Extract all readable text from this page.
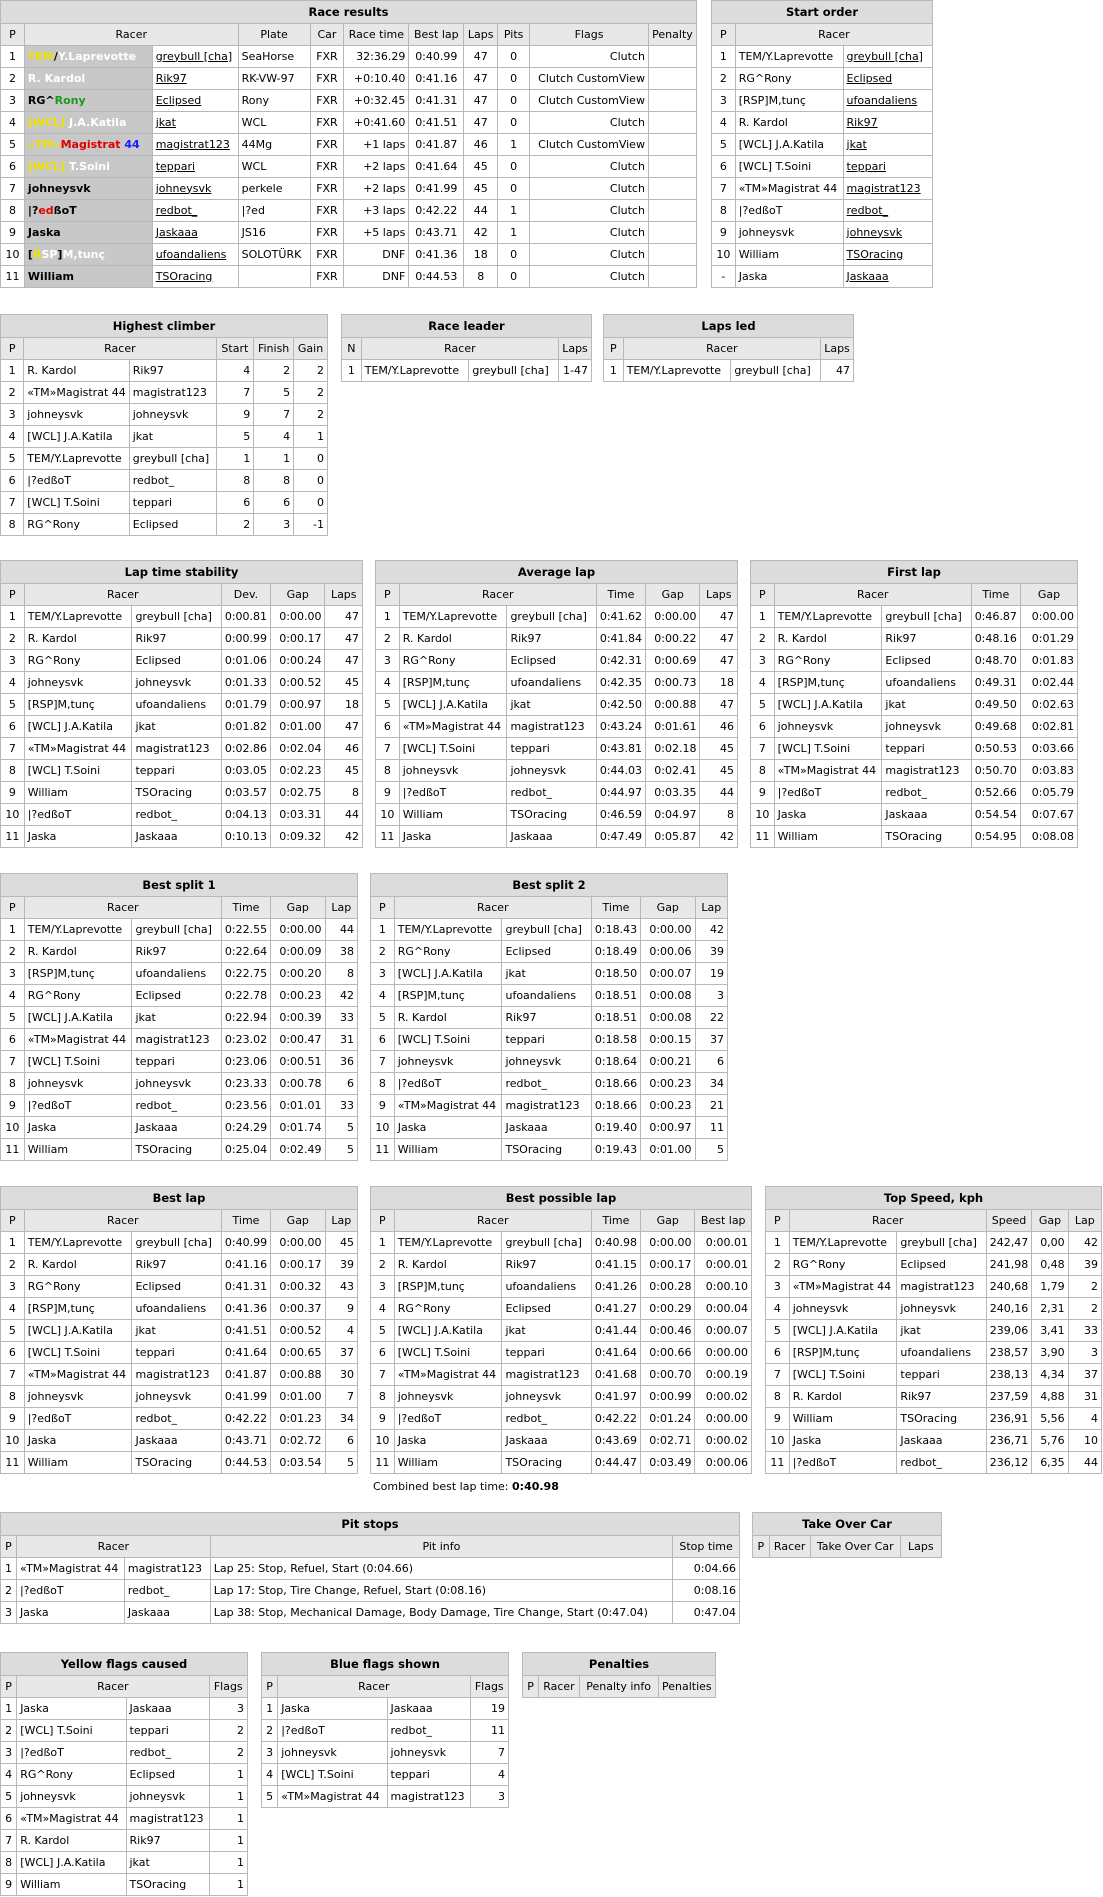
Race results										
P	Racer		Plate	Car	Race time	Best lap	Laps	Pits	Flags	Penalty
1	TEM/Y.Laprevotte	greybull [cha]	SeaHorse	FXR	32:36.29	0:40.99	47	0	Clutch	
2	R. Kardol	Rik97	RK-VW-97	FXR	+0:10.40	0:41.16	47	0	Clutch CustomView	
3	RG^Rony	Eclipsed	Rony	FXR	+0:32.45	0:41.31	47	0	Clutch CustomView	
4	[WCL] J.A.Katila	jkat	WCL	FXR	+0:41.60	0:41.51	47	0	Clutch	
5	«TM»Magistrat 44	magistrat123	44Mg	FXR	+1 laps	0:41.87	46	1	Clutch CustomView	
6	[WCL] T.Soini	teppari	WCL	FXR	+2 laps	0:41.64	45	0	Clutch	
7	johneysvk	johneysvk	perkele	FXR	+2 laps	0:41.99	45	0	Clutch	
8	|?edßoT	redbot_	|?ed	FXR	+3 laps	0:42.22	44	1	Clutch	
9	Jaska	Jaskaaa	JS16	FXR	+5 laps	0:43.71	42	1	Clutch	
10	[RSP]M,tunç	ufoandaliens	SOLOTÜRK	FXR	DNF	0:41.36	18	0	Clutch	
11	William	TSOracing		FXR	DNF	0:44.53	8	0	Clutch	
Start order		
P	Racer	
1	TEM/Y.Laprevotte	greybull [cha]
2	RG^Rony	Eclipsed
3	[RSP]M,tunç	ufoandaliens
4	R. Kardol	Rik97
5	[WCL] J.A.Katila	jkat
6	[WCL] T.Soini	teppari
7	«TM»Magistrat 44	magistrat123
8	|?edßoT	redbot_
9	johneysvk	johneysvk
10	William	TSOracing
-	Jaska	Jaskaaa
Highest climber					
P	Racer		Start	Finish	Gain
1	R. Kardol	Rik97	4	2	2
2	«TM»Magistrat 44	magistrat123	7	5	2
3	johneysvk	johneysvk	9	7	2
4	[WCL] J.A.Katila	jkat	5	4	1
5	TEM/Y.Laprevotte	greybull [cha]	1	1	0
6	|?edßoT	redbot_	8	8	0
7	[WCL] T.Soini	teppari	6	6	0
8	RG^Rony	Eclipsed	2	3	-1
Race leader			
N	Racer		Laps
1	TEM/Y.Laprevotte	greybull [cha]	1-47
Laps led			
P	Racer		Laps
1	TEM/Y.Laprevotte	greybull [cha]	47
Lap time stability					
P	Racer		Dev.	Gap	Laps
1	TEM/Y.Laprevotte	greybull [cha]	0:00.81	0:00.00	47
2	R. Kardol	Rik97	0:00.99	0:00.17	47
3	RG^Rony	Eclipsed	0:01.06	0:00.24	47
4	johneysvk	johneysvk	0:01.33	0:00.52	45
5	[RSP]M,tunç	ufoandaliens	0:01.79	0:00.97	18
6	[WCL] J.A.Katila	jkat	0:01.82	0:01.00	47
7	«TM»Magistrat 44	magistrat123	0:02.86	0:02.04	46
8	[WCL] T.Soini	teppari	0:03.05	0:02.23	45
9	William	TSOracing	0:03.57	0:02.75	8
10	|?edßoT	redbot_	0:04.13	0:03.31	44
11	Jaska	Jaskaaa	0:10.13	0:09.32	42
Average lap					
P	Racer		Time	Gap	Laps
1	TEM/Y.Laprevotte	greybull [cha]	0:41.62	0:00.00	47
2	R. Kardol	Rik97	0:41.84	0:00.22	47
3	RG^Rony	Eclipsed	0:42.31	0:00.69	47
4	[RSP]M,tunç	ufoandaliens	0:42.35	0:00.73	18
5	[WCL] J.A.Katila	jkat	0:42.50	0:00.88	47
6	«TM»Magistrat 44	magistrat123	0:43.24	0:01.61	46
7	[WCL] T.Soini	teppari	0:43.81	0:02.18	45
8	johneysvk	johneysvk	0:44.03	0:02.41	45
9	|?edßoT	redbot_	0:44.97	0:03.35	44
10	William	TSOracing	0:46.59	0:04.97	8
11	Jaska	Jaskaaa	0:47.49	0:05.87	42
First lap				
P	Racer		Time	Gap
1	TEM/Y.Laprevotte	greybull [cha]	0:46.87	0:00.00
2	R. Kardol	Rik97	0:48.16	0:01.29
3	RG^Rony	Eclipsed	0:48.70	0:01.83
4	[RSP]M,tunç	ufoandaliens	0:49.31	0:02.44
5	[WCL] J.A.Katila	jkat	0:49.50	0:02.63
6	johneysvk	johneysvk	0:49.68	0:02.81
7	[WCL] T.Soini	teppari	0:50.53	0:03.66
8	«TM»Magistrat 44	magistrat123	0:50.70	0:03.83
9	|?edßoT	redbot_	0:52.66	0:05.79
10	Jaska	Jaskaaa	0:54.54	0:07.67
11	William	TSOracing	0:54.95	0:08.08
Best split 1					
P	Racer		Time	Gap	Lap
1	TEM/Y.Laprevotte	greybull [cha]	0:22.55	0:00.00	44
2	R. Kardol	Rik97	0:22.64	0:00.09	38
3	[RSP]M,tunç	ufoandaliens	0:22.75	0:00.20	8
4	RG^Rony	Eclipsed	0:22.78	0:00.23	42
5	[WCL] J.A.Katila	jkat	0:22.94	0:00.39	33
6	«TM»Magistrat 44	magistrat123	0:23.02	0:00.47	31
7	[WCL] T.Soini	teppari	0:23.06	0:00.51	36
8	johneysvk	johneysvk	0:23.33	0:00.78	6
9	|?edßoT	redbot_	0:23.56	0:01.01	33
10	Jaska	Jaskaaa	0:24.29	0:01.74	5
11	William	TSOracing	0:25.04	0:02.49	5
Best split 2					
P	Racer		Time	Gap	Lap
1	TEM/Y.Laprevotte	greybull [cha]	0:18.43	0:00.00	42
2	RG^Rony	Eclipsed	0:18.49	0:00.06	39
3	[WCL] J.A.Katila	jkat	0:18.50	0:00.07	19
4	[RSP]M,tunç	ufoandaliens	0:18.51	0:00.08	3
5	R. Kardol	Rik97	0:18.51	0:00.08	22
6	[WCL] T.Soini	teppari	0:18.58	0:00.15	37
7	johneysvk	johneysvk	0:18.64	0:00.21	6
8	|?edßoT	redbot_	0:18.66	0:00.23	34
9	«TM»Magistrat 44	magistrat123	0:18.66	0:00.23	21
10	Jaska	Jaskaaa	0:19.40	0:00.97	11
11	William	TSOracing	0:19.43	0:01.00	5
Best lap					
P	Racer		Time	Gap	Lap
1	TEM/Y.Laprevotte	greybull [cha]	0:40.99	0:00.00	45
2	R. Kardol	Rik97	0:41.16	0:00.17	39
3	RG^Rony	Eclipsed	0:41.31	0:00.32	43
4	[RSP]M,tunç	ufoandaliens	0:41.36	0:00.37	9
5	[WCL] J.A.Katila	jkat	0:41.51	0:00.52	4
6	[WCL] T.Soini	teppari	0:41.64	0:00.65	37
7	«TM»Magistrat 44	magistrat123	0:41.87	0:00.88	30
8	johneysvk	johneysvk	0:41.99	0:01.00	7
9	|?edßoT	redbot_	0:42.22	0:01.23	34
10	Jaska	Jaskaaa	0:43.71	0:02.72	6
11	William	TSOracing	0:44.53	0:03.54	5
Best possible lap					
P	Racer		Time	Gap	Best lap
1	TEM/Y.Laprevotte	greybull [cha]	0:40.98	0:00.00	0:00.01
2	R. Kardol	Rik97	0:41.15	0:00.17	0:00.01
3	[RSP]M,tunç	ufoandaliens	0:41.26	0:00.28	0:00.10
4	RG^Rony	Eclipsed	0:41.27	0:00.29	0:00.04
5	[WCL] J.A.Katila	jkat	0:41.44	0:00.46	0:00.07
6	[WCL] T.Soini	teppari	0:41.64	0:00.66	0:00.00
7	«TM»Magistrat 44	magistrat123	0:41.68	0:00.70	0:00.19
8	johneysvk	johneysvk	0:41.97	0:00.99	0:00.02
9	|?edßoT	redbot_	0:42.22	0:01.24	0:00.00
10	Jaska	Jaskaaa	0:43.69	0:02.71	0:00.02
11	William	TSOracing	0:44.47	0:03.49	0:00.06
Top Speed, kph					
P	Racer		Speed	Gap	Lap
1	TEM/Y.Laprevotte	greybull [cha]	242,47	0,00	42
2	RG^Rony	Eclipsed	241,98	0,48	39
3	«TM»Magistrat 44	magistrat123	240,68	1,79	2
4	johneysvk	johneysvk	240,16	2,31	2
5	[WCL] J.A.Katila	jkat	239,06	3,41	33
6	[RSP]M,tunç	ufoandaliens	238,57	3,90	3
7	[WCL] T.Soini	teppari	238,13	4,34	37
8	R. Kardol	Rik97	237,59	4,88	31
9	William	TSOracing	236,91	5,56	4
10	Jaska	Jaskaaa	236,71	5,76	10
11	|?edßoT	redbot_	236,12	6,35	44
Combined best lap time: 0:40.98
Pit stops				
P	Racer		Pit info	Stop time
1	«TM»Magistrat 44	magistrat123	Lap 25: Stop, Refuel, Start (0:04.66)	0:04.66
2	|?edßoT	redbot_	Lap 17: Stop, Tire Change, Refuel, Start (0:08.16)	0:08.16
3	Jaska	Jaskaaa	Lap 38: Stop, Mechanical Damage, Body Damage, Tire Change, Start (0:47.04)	0:47.04
Take Over Car
P	Racer	Take Over Car	Laps
Yellow flags caused			
P	Racer		Flags
1	Jaska	Jaskaaa	3
2	[WCL] T.Soini	teppari	2
3	|?edßoT	redbot_	2
4	RG^Rony	Eclipsed	1
5	johneysvk	johneysvk	1
6	«TM»Magistrat 44	magistrat123	1
7	R. Kardol	Rik97	1
8	[WCL] J.A.Katila	jkat	1
9	William	TSOracing	1
Blue flags shown			
P	Racer		Flags
1	Jaska	Jaskaaa	19
2	|?edßoT	redbot_	11
3	johneysvk	johneysvk	7
4	[WCL] T.Soini	teppari	4
5	«TM»Magistrat 44	magistrat123	3
Penalties
P	Racer	Penalty info	Penalties
